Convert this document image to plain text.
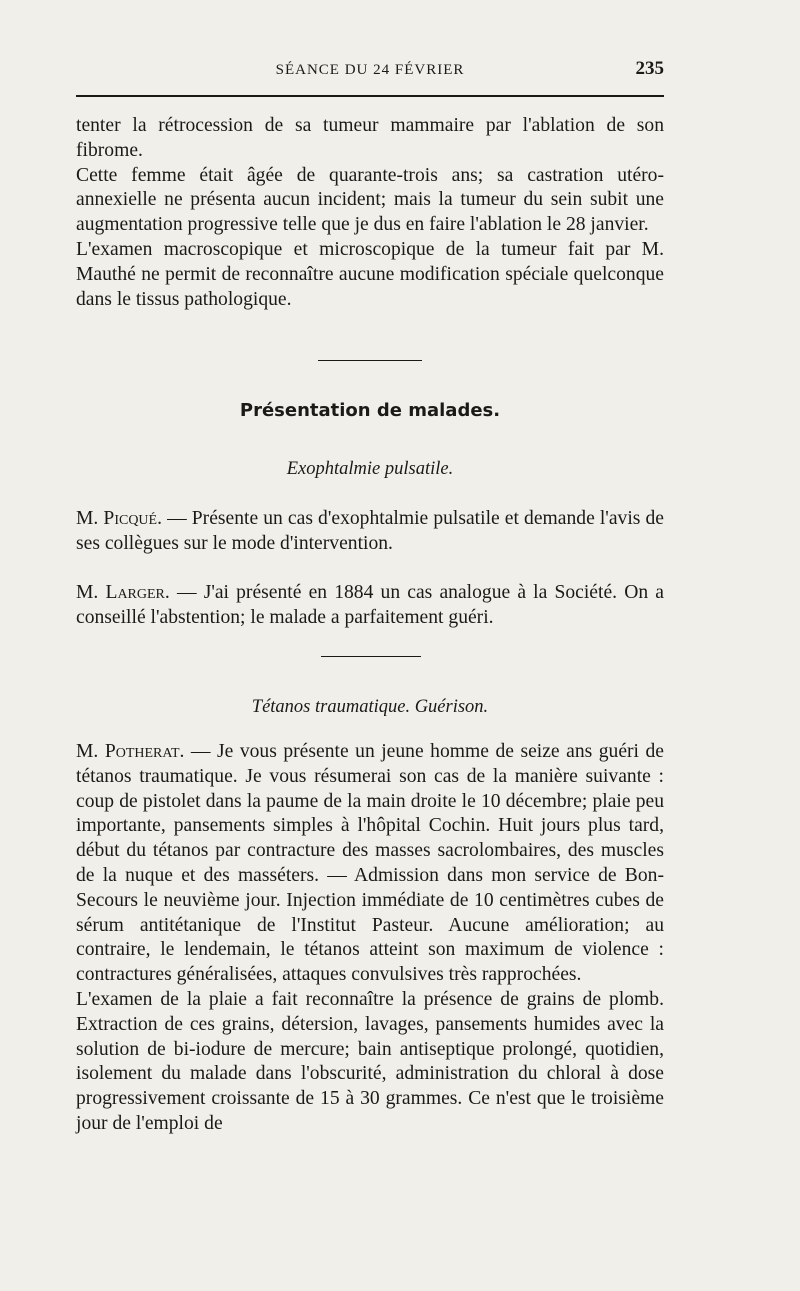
SÉANCE DU 24 FÉVRIER	235

tenter la rétrocession de sa tumeur mammaire par l'ablation de son fibrome.

Cette femme était âgée de quarante-trois ans; sa castration utéro-annexielle ne présenta aucun incident; mais la tumeur du sein subit une augmentation progressive telle que je dus en faire l'ablation le 28 janvier.

L'examen macroscopique et microscopique de la tumeur fait par M. Mauthé ne permit de reconnaître aucune modification spéciale quelconque dans le tissus pathologique.

Présentation de malades.
Exophtalmie pulsatile.

M. Picqué. — Présente un cas d'exophtalmie pulsatile et demande l'avis de ses collègues sur le mode d'intervention.

M. Larger. — J'ai présenté en 1884 un cas analogue à la Société. On a conseillé l'abstention; le malade a parfaitement guéri.

Tétanos traumatique. Guérison.

M. Potherat. — Je vous présente un jeune homme de seize ans guéri de tétanos traumatique. Je vous résumerai son cas de la manière suivante : coup de pistolet dans la paume de la main droite le 10 décembre; plaie peu importante, pansements simples à l'hôpital Cochin. Huit jours plus tard, début du tétanos par contracture des masses sacrolombaires, des muscles de la nuque et des masséters. — Admission dans mon service de Bon-Secours le neuvième jour. Injection immédiate de 10 centimètres cubes de sérum antitétanique de l'Institut Pasteur. Aucune amélioration; au contraire, le lendemain, le tétanos atteint son maximum de violence : contractures généralisées, attaques convulsives très rapprochées.

L'examen de la plaie a fait reconnaître la présence de grains de plomb. Extraction de ces grains, détersion, lavages, pansements humides avec la solution de bi-iodure de mercure; bain antiseptique prolongé, quotidien, isolement du malade dans l'obscurité, administration du chloral à dose progressivement croissante de 15 à 30 grammes. Ce n'est que le troisième jour de l'emploi de
